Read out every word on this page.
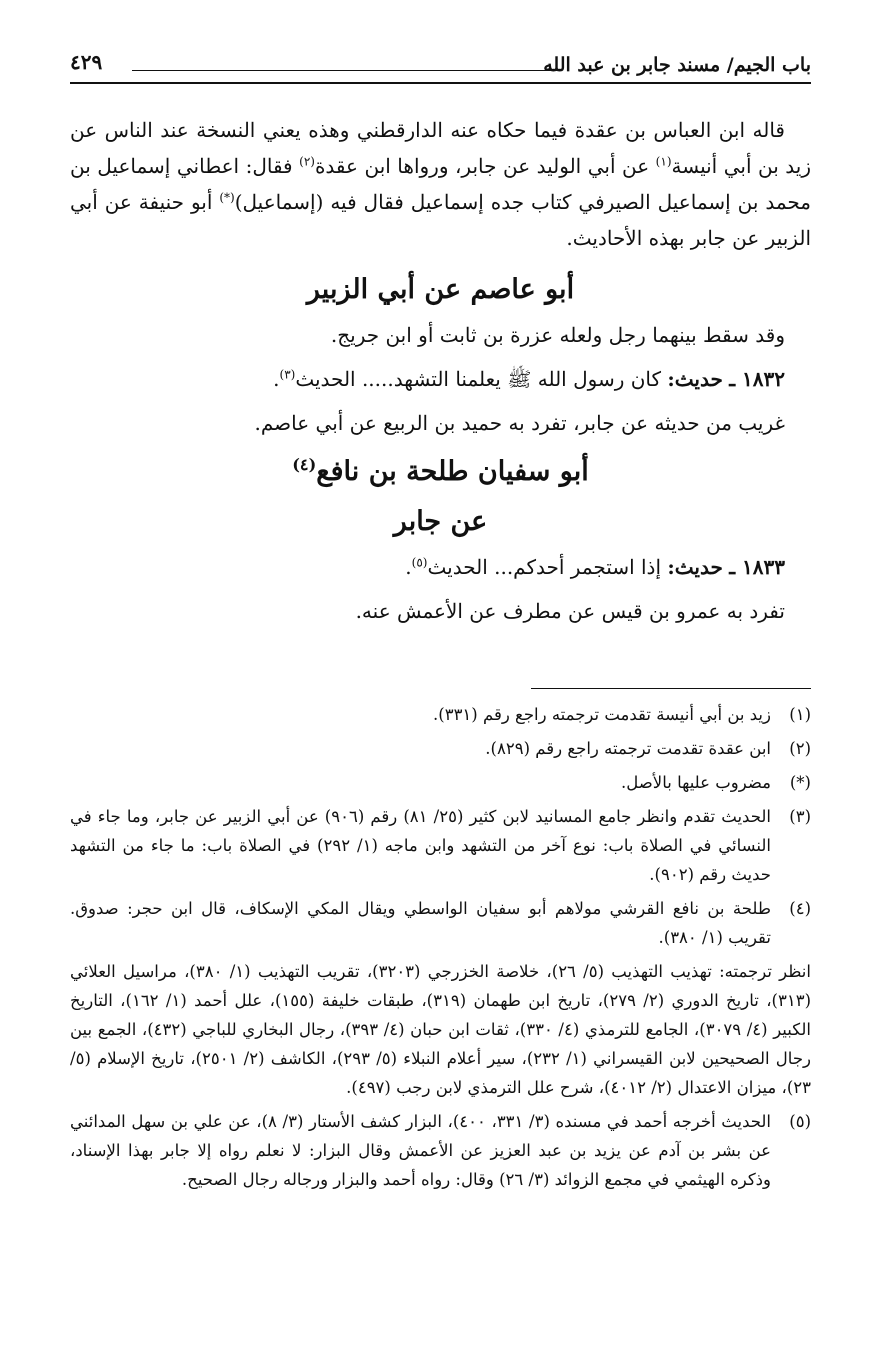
باب الجيم/ مسند جابر بن عبد الله
٤٢٩

قاله ابن العباس بن عقدة فيما حكاه عنه الدارقطني وهذه يعني النسخة عند الناس عن زيد بن أبي أنيسة$^{(١)}$ عن أبي الوليد عن جابر، ورواها ابن عقدة$^{(٢)}$ فقال: اعطاني إسماعيل بن محمد بن إسماعيل الصيرفي كتاب جده إسماعيل فقال فيه (إسماعيل)(*) أبو حنيفة عن أبي الزبير عن جابر بهذه الأحاديث.

أبو عاصم عن أبي الزبير

وقد سقط بينهما رجل ولعله عزرة بن ثابت أو ابن جريج.

١٨٣٢ ـ حديث: كان رسول الله ﷺ يعلمنا التشهد..... الحديث$^{(٣)}$.

غريب من حديثه عن جابر، تفرد به حميد بن الربيع عن أبي عاصم.

أبو سفيان طلحة بن نافع$^{(٤)}$
عن جابر

١٨٣٣ ـ حديث: إذا استجمر أحدكم... الحديث$^{(٥)}$.

تفرد به عمرو بن قيس عن مطرف عن الأعمش عنه.

(١)
زيد بن أبي أنيسة تقدمت ترجمته راجع رقم (٣٣١).
(٢)
ابن عقدة تقدمت ترجمته راجع رقم (٨٢٩).
(*)
مضروب عليها بالأصل.
(٣)
الحديث تقدم وانظر جامع المسانيد لابن كثير (٢٥/ ٨١) رقم (٩٠٦) عن أبي الزبير عن جابر، وما جاء في النسائي في الصلاة باب: نوع آخر من التشهد وابن ماجه (١/ ٢٩٢) في الصلاة باب: ما جاء من التشهد حديث رقم (٩٠٢).
(٤)
طلحة بن نافع القرشي مولاهم أبو سفيان الواسطي ويقال المكي الإسكاف، قال ابن حجر: صدوق. تقريب (١/ ٣٨٠).
انظر ترجمته: تهذيب التهذيب (٥/ ٢٦)، خلاصة الخزرجي (٣٢٠٣)، تقريب التهذيب (١/ ٣٨٠)، مراسيل العلائي (٣١٣)، تاريخ الدوري (٢/ ٢٧٩)، تاريخ ابن طهمان (٣١٩)، طبقات خليفة (١٥٥)، علل أحمد (١/ ١٦٢)، التاريخ الكبير (٤/ ٣٠٧٩)، الجامع للترمذي (٤/ ٣٣٠)، ثقات ابن حبان (٤/ ٣٩٣)، رجال البخاري للباجي (٤٣٢)، الجمع بين رجال الصحيحين لابن القيسراني (١/ ٢٣٢)، سير أعلام النبلاء (٥/ ٢٩٣)، الكاشف (٢/ ٢٥٠١)، تاريخ الإسلام (٥/ ٢٣)، ميزان الاعتدال (٢/ ٤٠١٢)، شرح علل الترمذي لابن رجب (٤٩٧).
(٥)
الحديث أخرجه أحمد في مسنده (٣/ ٣٣١، ٤٠٠)، البزار كشف الأستار (٣/ ٨)، عن علي بن سهل المدائني عن بشر بن آدم عن يزيد بن عبد العزيز عن الأعمش وقال البزار: لا نعلم رواه إلا جابر بهذا الإسناد، وذكره الهيثمي في مجمع الزوائد (٣/ ٢٦) وقال: رواه أحمد والبزار ورجاله رجال الصحيح.
